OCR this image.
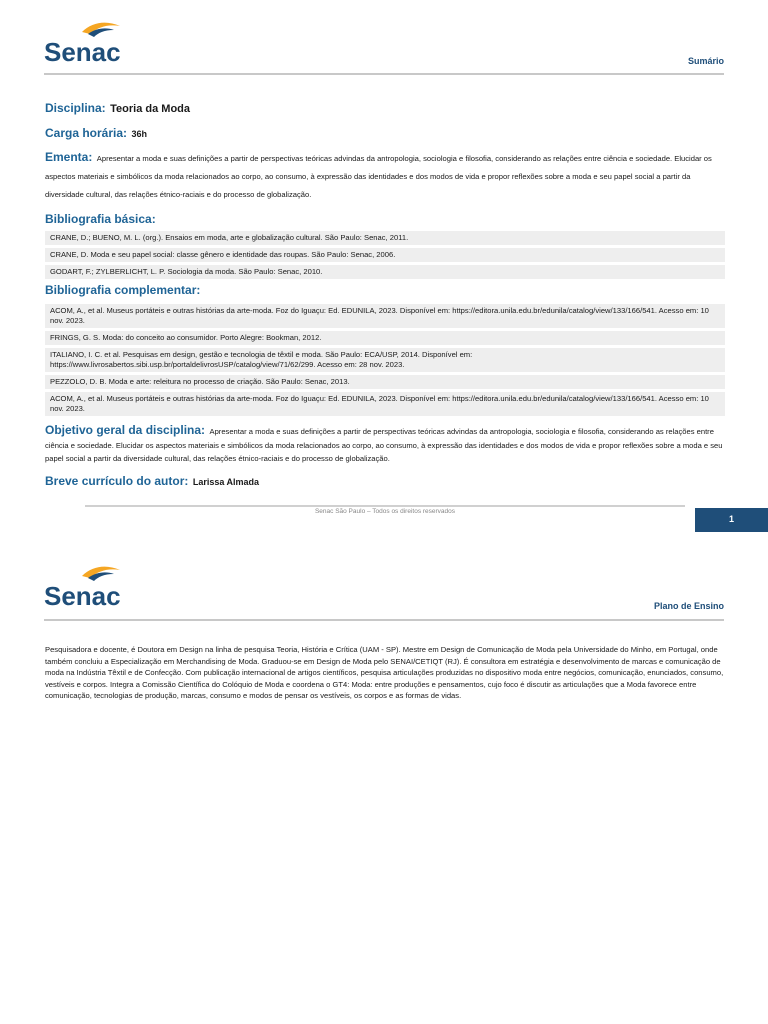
Senac	Sumário
Disciplina: Teoria da Moda
Carga horária: 36h
Ementa: Apresentar a moda e suas definições a partir de perspectivas teóricas advindas da antropologia, sociologia e filosofia, considerando as relações entre ciência e sociedade. Elucidar os aspectos materiais e simbólicos da moda relacionados ao corpo, ao consumo, à expressão das identidades e dos modos de vida e propor reflexões sobre a moda e seu papel social a partir da diversidade cultural, das relações étnico-raciais e do processo de globalização.
Bibliografia básica:
CRANE, D.; BUENO, M. L. (org.). Ensaios em moda, arte e globalização cultural. São Paulo: Senac, 2011.
CRANE, D. Moda e seu papel social: classe gênero e identidade das roupas. São Paulo: Senac, 2006.
GODART, F.; ZYLBERLICHT, L. P. Sociologia da moda. São Paulo: Senac, 2010.
Bibliografia complementar:
ACOM, A., et al. Museus portáteis e outras histórias da arte-moda. Foz do Iguaçu: Ed. EDUNILA, 2023. Disponível em: https://editora.unila.edu.br/edunila/catalog/view/133/166/541. Acesso em: 10 nov. 2023.
FRINGS, G. S. Moda: do conceito ao consumidor. Porto Alegre: Bookman, 2012.
ITALIANO, I. C. et al. Pesquisas em design, gestão e tecnologia de têxtil e moda. São Paulo: ECA/USP, 2014. Disponível em: https://www.livrosabertos.sibi.usp.br/portaldelivrosUSP/catalog/view/71/62/299. Acesso em: 28 nov. 2023.
PEZZOLO, D. B. Moda e arte: releitura no processo de criação. São Paulo: Senac, 2013.
ACOM, A., et al. Museus portáteis e outras histórias da arte-moda. Foz do Iguaçu: Ed. EDUNILA, 2023. Disponível em: https://editora.unila.edu.br/edunila/catalog/view/133/166/541. Acesso em: 10 nov. 2023.
Objetivo geral da disciplina: Apresentar a moda e suas definições a partir de perspectivas teóricas advindas da antropologia, sociologia e filosofia, considerando as relações entre ciência e sociedade. Elucidar os aspectos materiais e simbólicos da moda relacionados ao corpo, ao consumo, à expressão das identidades e dos modos de vida e propor reflexões sobre a moda e seu papel social a partir da diversidade cultural, das relações étnico-raciais e do processo de globalização.
Breve currículo do autor: Larissa Almada
Senac São Paulo – Todos os direitos reservados
1
Senac	Plano de Ensino
Pesquisadora e docente, é Doutora em Design na linha de pesquisa Teoria, História e Crítica (UAM - SP). Mestre em Design de Comunicação de Moda pela Universidade do Minho, em Portugal, onde também concluiu a Especialização em Merchandising de Moda. Graduou-se em Design de Moda pelo SENAI/CETIQT (RJ). É consultora em estratégia e desenvolvimento de marcas e comunicação de moda na Indústria Têxtil e de Confecção. Com publicação internacional de artigos científicos, pesquisa articulações produzidas no dispositivo moda entre negócios, comunicação, enunciados, consumo, vestíveis e corpos. Integra a Comissão Científica do Colóquio de Moda e coordena o GT4: Moda: entre produções e pensamentos, cujo foco é discutir as articulações que a Moda favorece entre comunicação, tecnologias de produção, marcas, consumo e modos de pensar os vestíveis, os corpos e as formas de vidas.
